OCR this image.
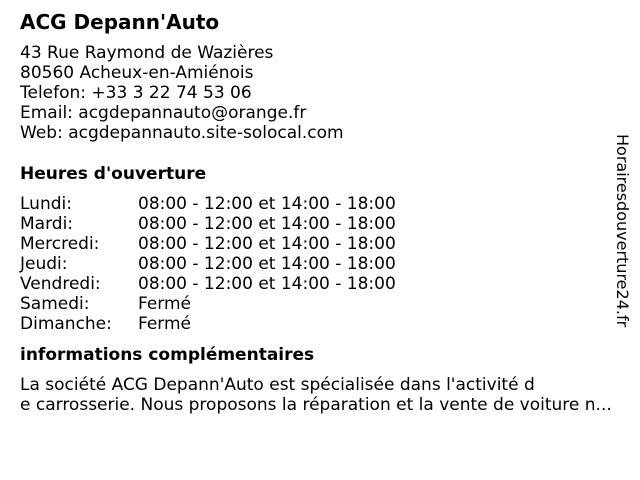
ACG Depann'Auto
43 Rue Raymond de Wazières
80560 Acheux-en-Amiénois
Telefon: +33 3 22 74 53 06
Email: acgdepannauto@orange.fr
Web: acgdepannauto.site-solocal.com
Heures d'ouverture
Lundi:	08:00 - 12:00 et 14:00 - 18:00
Mardi:	08:00 - 12:00 et 14:00 - 18:00
Mercredi:	08:00 - 12:00 et 14:00 - 18:00
Jeudi:	08:00 - 12:00 et 14:00 - 18:00
Vendredi:	08:00 - 12:00 et 14:00 - 18:00
Samedi:	Fermé
Dimanche:	Fermé
informations complémentaires
La société ACG Depann'Auto est spécialisée dans l'activité d
e carrosserie. Nous proposons la réparation et la vente de voiture n...
Horairesdouverture24.fr
